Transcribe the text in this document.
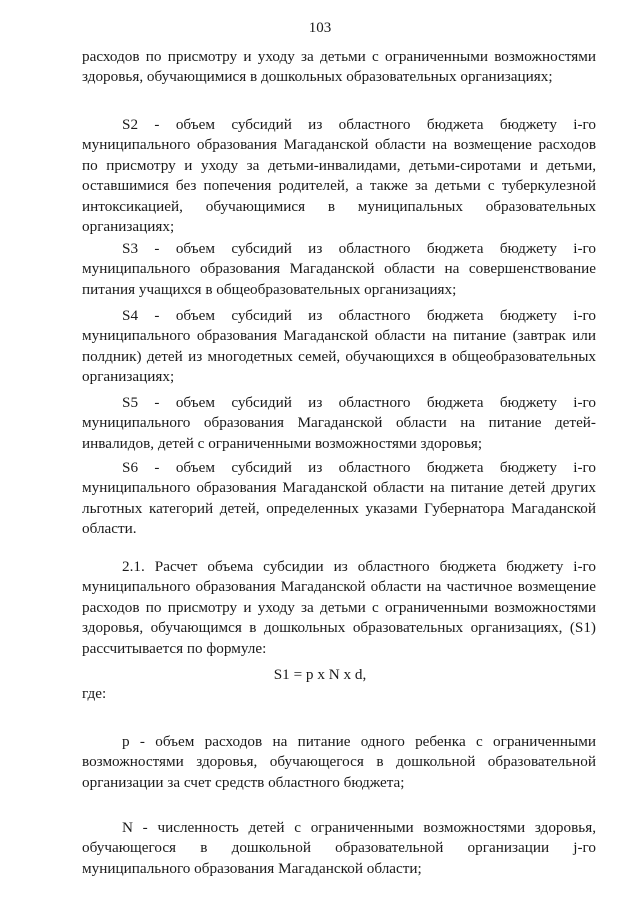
103

расходов по присмотру и уходу за детьми с ограниченными возможностями здоровья, обучающимися в дошкольных образовательных организациях;

S2 - объем субсидий из областного бюджета бюджету i-го муниципального образования Магаданской области на возмещение расходов по присмотру и уходу за детьми-инвалидами, детьми-сиротами и детьми, оставшимися без попечения родителей, а также за детьми с туберкулезной интоксикацией, обучающимися в муниципальных образовательных организациях;

S3 - объем субсидий из областного бюджета бюджету i-го муниципального образования Магаданской области на совершенствование питания учащихся в общеобразовательных организациях;

S4 - объем субсидий из областного бюджета бюджету i-го муниципального образования Магаданской области на питание (завтрак или полдник) детей из многодетных семей, обучающихся в общеобразовательных организациях;

S5 - объем субсидий из областного бюджета бюджету i-го муниципального образования Магаданской области на питание детей-инвалидов, детей с ограниченными возможностями здоровья;

S6 - объем субсидий из областного бюджета бюджету i-го муниципального образования Магаданской области на питание детей других льготных категорий детей, определенных указами Губернатора Магаданской области.

2.1. Расчет объема субсидии из областного бюджета бюджету i-го муниципального образования Магаданской области на частичное возмещение расходов по присмотру и уходу за детьми с ограниченными возможностями здоровья, обучающимся в дошкольных образовательных организациях, (S1) рассчитывается по формуле:

S1 = p x N x d,
где:

p - объем расходов на питание одного ребенка с ограниченными возможностями здоровья, обучающегося в дошкольной образовательной организации за счет средств областного бюджета;

N - численность детей с ограниченными возможностями здоровья, обучающегося в дошкольной образовательной организации j-го муниципального образования Магаданской области;
